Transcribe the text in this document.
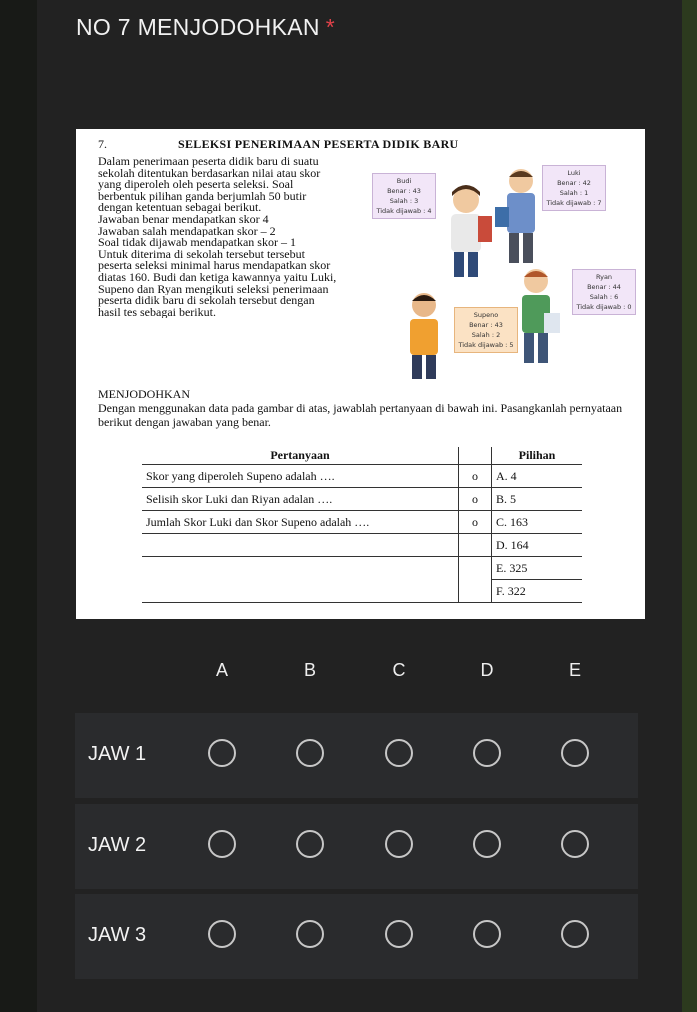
NO 7 MENJODOHKAN *
7.	SELEKSI PENERIMAAN PESERTA DIDIK BARU
Dalam penerimaan peserta didik baru di suatu
sekolah ditentukan berdasarkan nilai atau skor
yang diperoleh oleh peserta seleksi. Soal
berbentuk pilihan ganda berjumlah 50 butir
dengan ketentuan sebagai berikut.
Jawaban benar mendapatkan skor 4
Jawaban salah mendapatkan skor – 2
Soal tidak dijawab mendapatkan skor – 1
Untuk diterima di sekolah tersebut tersebut
peserta seleksi minimal harus mendapatkan skor
diatas 160. Budi dan ketiga kawannya yaitu Luki,
Supeno dan Ryan mengikuti seleksi penerimaan
peserta didik baru di sekolah tersebut dengan
hasil tes sebagai berikut.
Budi
Benar : 43
Salah : 3
Tidak dijawab : 4
Luki
Benar : 42
Salah : 1
Tidak dijawab : 7
Supeno
Benar : 43
Salah : 2
Tidak dijawab : 5
Ryan
Benar : 44
Salah : 6
Tidak dijawab : 0
MENJODOHKAN
Dengan menggunakan data pada gambar di atas, jawablah pertanyaan di bawah ini. Pasangkanlah pernyataan berikut dengan jawaban yang benar.
Pertanyaan		Pilihan
Skor yang diperoleh Supeno adalah ….	o	A. 4
Selisih skor Luki dan Riyan adalan ….	o	B. 5
Jumlah Skor Luki dan Skor Supeno adalah ….	o	C. 163
		D. 164
		E. 325
		F. 322
A	B	C	D	E
JAW 1
JAW 2
JAW 3
